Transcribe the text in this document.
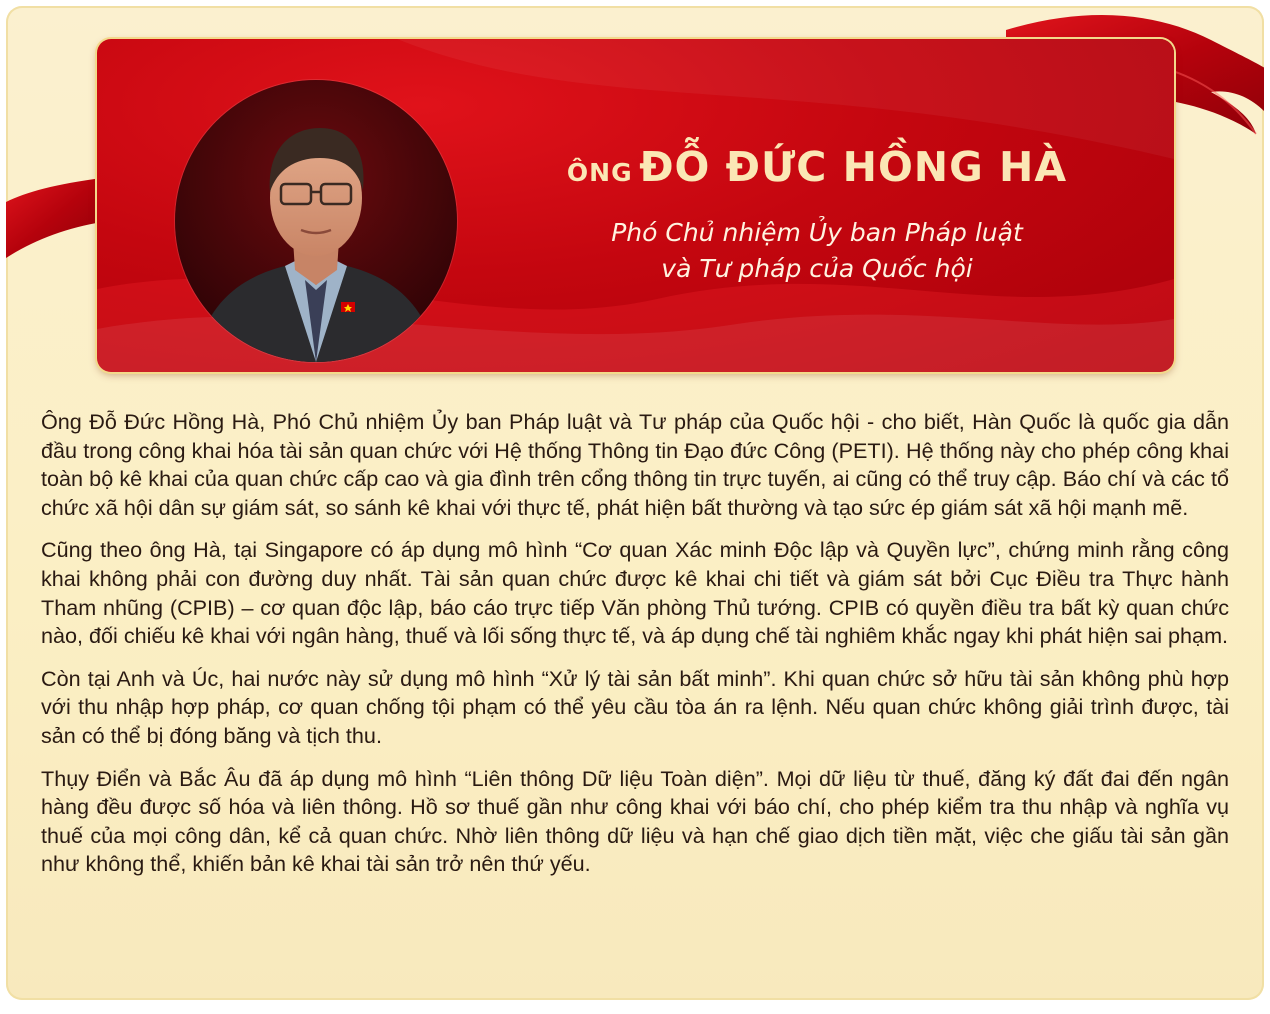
ÔNG ĐỖ ĐỨC HỒNG HÀ
Phó Chủ nhiệm Ủy ban Pháp luật
và Tư pháp của Quốc hội

Ông Đỗ Đức Hồng Hà, Phó Chủ nhiệm Ủy ban Pháp luật và Tư pháp của Quốc hội - cho biết, Hàn Quốc là quốc gia dẫn đầu trong công khai hóa tài sản quan chức với Hệ thống Thông tin Đạo đức Công (PETI). Hệ thống này cho phép công khai toàn bộ kê khai của quan chức cấp cao và gia đình trên cổng thông tin trực tuyến, ai cũng có thể truy cập. Báo chí và các tổ chức xã hội dân sự giám sát, so sánh kê khai với thực tế, phát hiện bất thường và tạo sức ép giám sát xã hội mạnh mẽ.

Cũng theo ông Hà, tại Singapore có áp dụng mô hình “Cơ quan Xác minh Độc lập và Quyền lực”, chứng minh rằng công khai không phải con đường duy nhất. Tài sản quan chức được kê khai chi tiết và giám sát bởi Cục Điều tra Thực hành Tham nhũng (CPIB) – cơ quan độc lập, báo cáo trực tiếp Văn phòng Thủ tướng. CPIB có quyền điều tra bất kỳ quan chức nào, đối chiếu kê khai với ngân hàng, thuế và lối sống thực tế, và áp dụng chế tài nghiêm khắc ngay khi phát hiện sai phạm.

Còn tại Anh và Úc, hai nước này sử dụng mô hình “Xử lý tài sản bất minh”. Khi quan chức sở hữu tài sản không phù hợp với thu nhập hợp pháp, cơ quan chống tội phạm có thể yêu cầu tòa án ra lệnh. Nếu quan chức không giải trình được, tài sản có thể bị đóng băng và tịch thu.

Thụy Điển và Bắc Âu đã áp dụng mô hình “Liên thông Dữ liệu Toàn diện”. Mọi dữ liệu từ thuế, đăng ký đất đai đến ngân hàng đều được số hóa và liên thông. Hồ sơ thuế gần như công khai với báo chí, cho phép kiểm tra thu nhập và nghĩa vụ thuế của mọi công dân, kể cả quan chức. Nhờ liên thông dữ liệu và hạn chế giao dịch tiền mặt, việc che giấu tài sản gần như không thể, khiến bản kê khai tài sản trở nên thứ yếu.
